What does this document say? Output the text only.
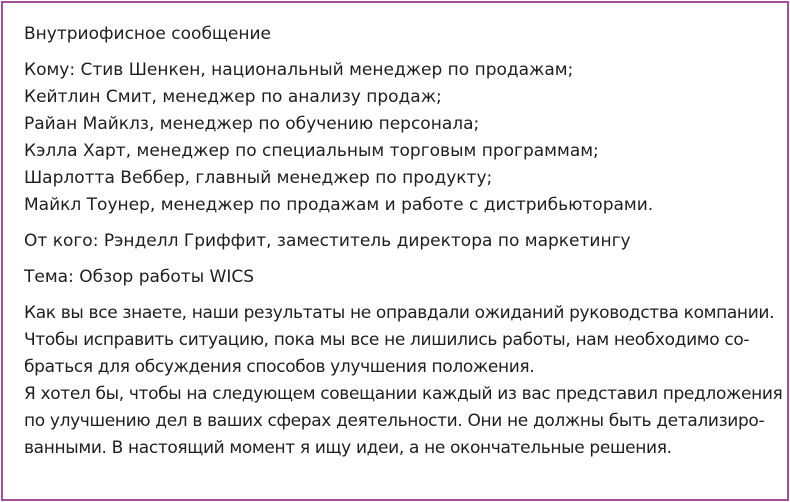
Внутриофисное сообщение
Кому: Стив Шенкен, национальный менеджер по продажам;
Кейтлин Смит, менеджер по анализу продаж;
Райан Майклз, менеджер по обучению персонала;
Кэлла Харт, менеджер по специальным торговым программам;
Шарлотта Веббер, главный менеджер по продукту;
Майкл Тоунер, менеджер по продажам и работе с дистрибьюторами.
От кого: Рэнделл Гриффит, заместитель директора по маркетингу
Тема: Обзор работы WICS
Как вы все знаете, наши результаты не оправдали ожиданий руководства компании.
Чтобы исправить ситуацию, пока мы все не лишились работы, нам необходимо со-
браться для обсуждения способов улучшения положения.
Я хотел бы, чтобы на следующем совещании каждый из вас представил предложения
по улучшению дел в ваших сферах деятельности. Они не должны быть детализиро-
ванными. В настоящий момент я ищу идеи, а не окончательные решения.
